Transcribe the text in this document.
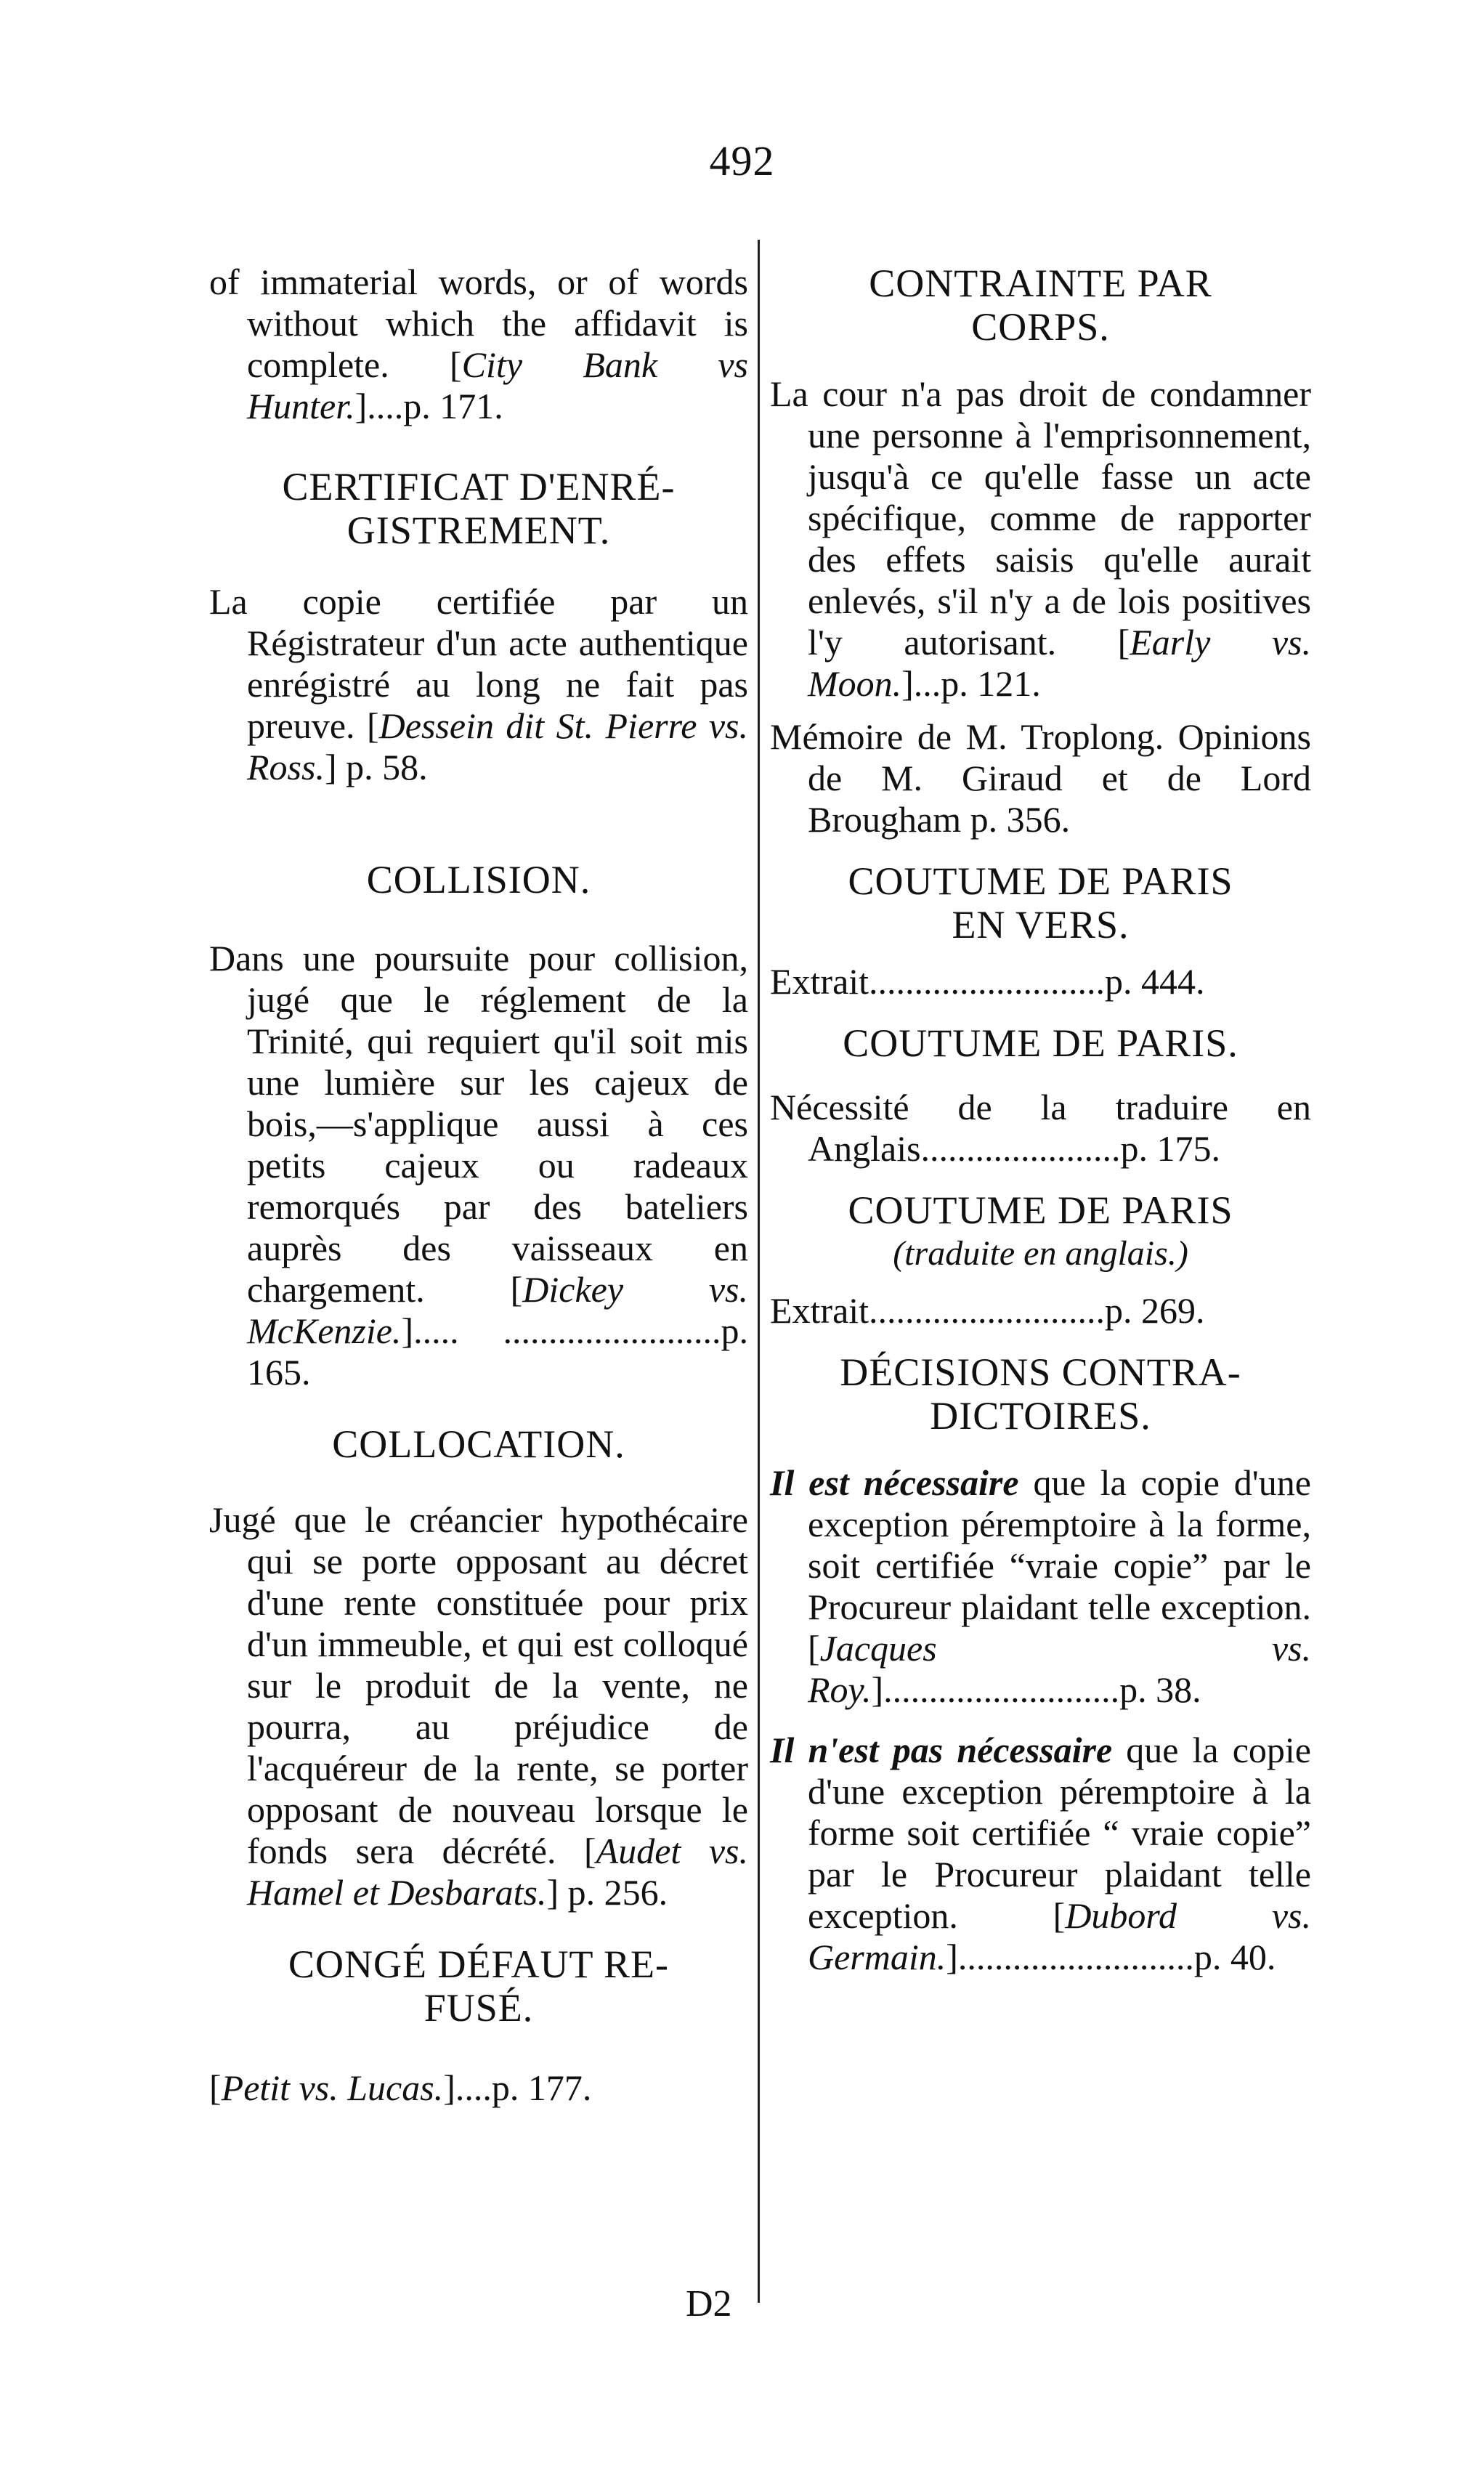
492

of immaterial words, or of words without which the affidavit is complete. [City Bank vs Hunter.]....p. 171.

CERTIFICAT D'ENRÉ-
GISTREMENT.

La copie certifiée par un Régistrateur d'un acte authentique enrégistré au long ne fait pas preuve. [Dessein dit St. Pierre vs. Ross.] p. 58.

COLLISION.

Dans une poursuite pour collision, jugé que le réglement de la Trinité, qui requiert qu'il soit mis une lumière sur les cajeux de bois,—s'applique aussi à ces petits cajeux ou radeaux remorqués par des bateliers auprès des vaisseaux en chargement. [Dickey vs. McKenzie.]..... ........................p. 165.

COLLOCATION.

Jugé que le créancier hypothécaire qui se porte opposant au décret d'une rente constituée pour prix d'un immeuble, et qui est colloqué sur le produit de la vente, ne pourra, au préjudice de l'acquéreur de la rente, se porter opposant de nouveau lorsque le fonds sera décrété. [Audet vs. Hamel et Desbarats.] p. 256.

CONGÉ DÉFAUT RE-
FUSÉ.

[Petit vs. Lucas.]....p. 177.

CONTRAINTE PAR
CORPS.

La cour n'a pas droit de condamner une personne à l'emprisonnement, jusqu'à ce qu'elle fasse un acte spécifique, comme de rapporter des effets saisis qu'elle aurait enlevés, s'il n'y a de lois positives l'y autorisant. [Early vs. Moon.]...p. 121.

Mémoire de M. Troplong. Opinions de M. Giraud et de Lord Brougham p. 356.

COUTUME DE PARIS
EN VERS.

Extrait..........................p. 444.

COUTUME DE PARIS.

Nécessité de la traduire en Anglais......................p. 175.

COUTUME DE PARIS
(traduite en anglais.)

Extrait..........................p. 269.

DÉCISIONS CONTRA-
DICTOIRES.

Il est nécessaire que la copie d'une exception péremptoire à la forme, soit certifiée “vraie copie” par le Procureur plaidant telle exception. [Jacques vs. Roy.]..........................p. 38.

Il n'est pas nécessaire que la copie d'une exception péremptoire à la forme soit certifiée “ vraie copie” par le Procureur plaidant telle exception. [Dubord vs. Germain.]..........................p. 40.

D2
